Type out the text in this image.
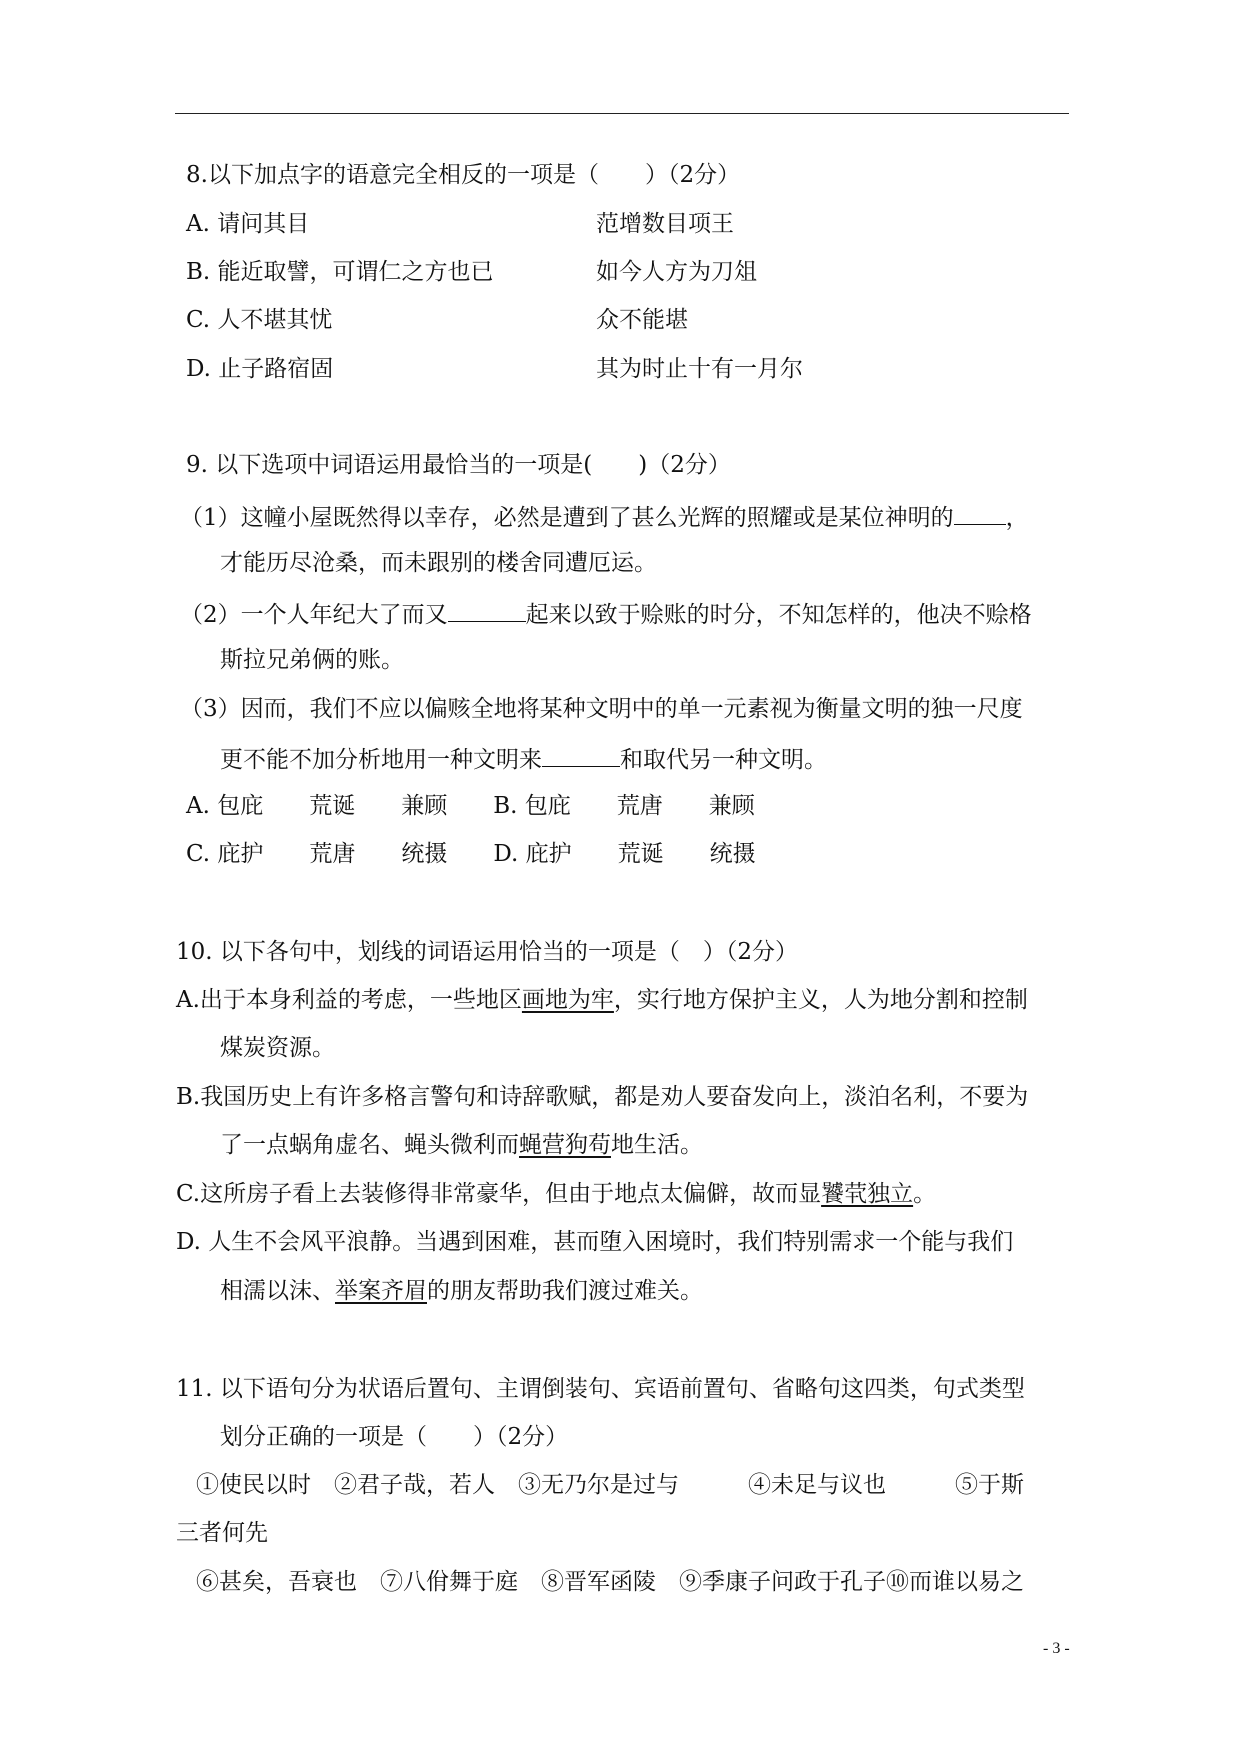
8.以下加点字的语意完全相反的一项是（　　）（2分）
A. 请问其目	范增数目项王
B. 能近取譬，可谓仁之方也已	如今人方为刀俎
C. 人不堪其忧	众不能堪
D. 止子路宿固	其为时止十有一月尔
9. 以下选项中词语运用最恰当的一项是(　　)（2分）
（1）这幢小屋既然得以幸存，必然是遭到了甚么光辉的照耀或是某位神明的 ，
才能历尽沧桑，而未跟别的楼舍同遭厄运。
（2）一个人年纪大了而又	起来以致于赊账的时分，不知怎样的，他决不赊格
斯拉兄弟俩的账。
（3）因而，我们不应以偏赅全地将某种文明中的单一元素视为衡量文明的独一尺度
更不能不加分析地用一种文明来	和取代另一种文明。
A. 包庇　　荒诞　　兼顾　　B. 包庇　　荒唐　　兼顾
C. 庇护　　荒唐　　统摄　　D. 庇护　　荒诞　　统摄
10. 以下各句中，划线的词语运用恰当的一项是（　）（2分）
A.出于本身利益的考虑，一些地区画地为牢，实行地方保护主义，人为地分割和控制
煤炭资源。
B.我国历史上有许多格言警句和诗辞歌赋，都是劝人要奋发向上，淡泊名利，不要为
了一点蜗角虚名、蝇头微利而蝇营狗苟地生活。
C.这所房子看上去装修得非常豪华，但由于地点太偏僻，故而显饕茕独立。
D. 人生不会风平浪静。当遇到困难，甚而堕入困境时，我们特别需求一个能与我们
相濡以沫、举案齐眉的朋友帮助我们渡过难关。
11. 以下语句分为状语后置句、主谓倒装句、宾语前置句、省略句这四类，句式类型
划分正确的一项是（　　）（2分）
①使民以时　②君子哉，若人　③无乃尔是过与　　　④未足与议也　　　⑤于斯
三者何先
⑥甚矣，吾衰也　⑦八佾舞于庭　⑧晋军函陵　⑨季康子问政于孔子⑩而谁以易之
- 3 -
